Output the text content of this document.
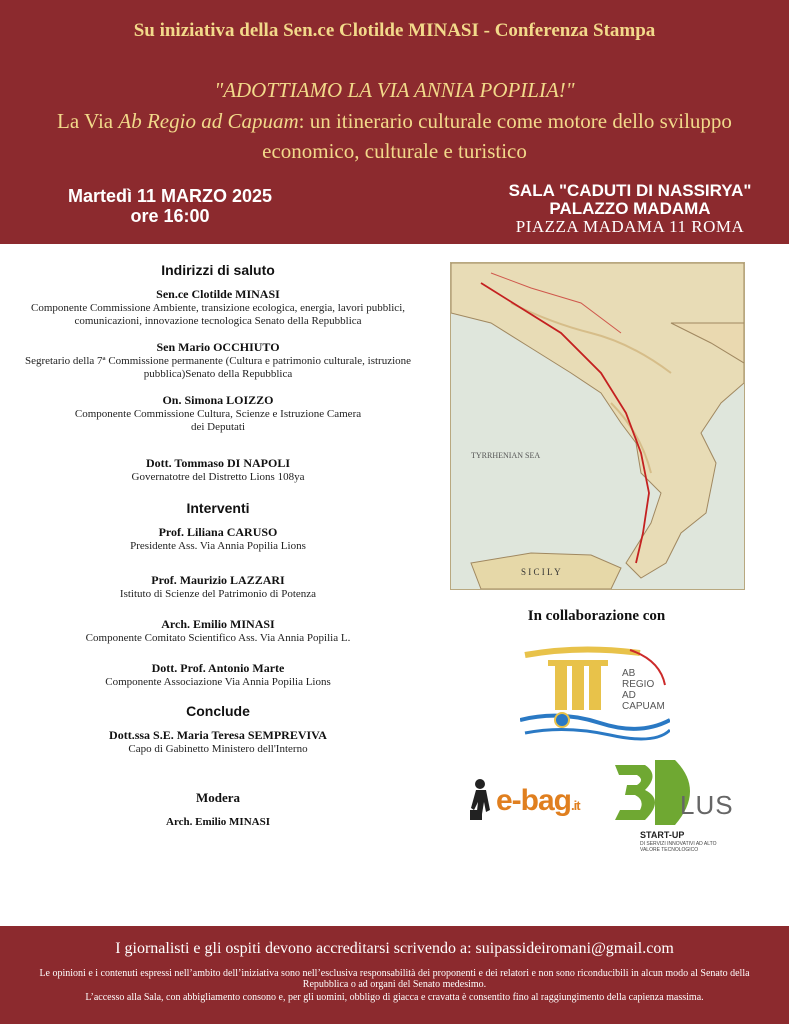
Su iniziativa della Sen.ce Clotilde MINASI - Conferenza Stampa
"ADOTTIAMO LA VIA ANNIA POPILIA!"
La Via Ab Regio ad Capuam: un itinerario culturale come motore dello sviluppo economico, culturale e turistico
Martedì 11 MARZO 2025
ore 16:00
SALA "CADUTI DI NASSIRYA"
PALAZZO MADAMA
PIAZZA MADAMA 11 ROMA
Indirizzi di saluto
Sen.ce Clotilde MINASI
Componente Commissione Ambiente, transizione ecologica, energia, lavori pubblici, comunicazioni, innovazione tecnologica Senato della Repubblica
Sen Mario OCCHIUTO
Segretario della 7ª Commissione permanente (Cultura e patrimonio culturale, istruzione pubblica)Senato della Repubblica
On. Simona LOIZZO
Componente Commissione Cultura, Scienze e Istruzione Camera dei Deputati
Dott. Tommaso DI NAPOLI
Governatotre del Distretto Lions 108ya
Interventi
Prof. Liliana CARUSO
Presidente Ass. Via Annia Popilia Lions
Prof. Maurizio LAZZARI
Istituto di Scienze del Patrimonio di Potenza
Arch. Emilio MINASI
Componente Comitato Scientifico Ass. Via Annia Popilia L.
Dott. Prof. Antonio Marte
Componente Associazione Via Annia Popilia Lions
Conclude
Dott.ssa S.E. Maria Teresa SEMPREVIVA
Capo di Gabinetto Ministero dell'Interno
Modera
Arch. Emilio MINASI
TYRRHENIAN SEA
S I C I L Y
In collaborazione con
AB
REGIO
AD
CAPUAM
e-bag.it	LUS
START-UP
DI SERVIZI INNOVATIVI AD ALTO VALORE TECNOLOGICO
I giornalisti e gli ospiti devono accreditarsi scrivendo a: suipassideiromani@gmail.com
Le opinioni e i contenuti espressi nell’ambito dell’iniziativa sono nell’esclusiva responsabilità dei proponenti e dei relatori e non sono riconducibili in alcun modo al Senato della Repubblica o ad organi del Senato medesimo.
L’accesso alla Sala, con abbigliamento consono e, per gli uomini, obbligo di giacca e cravatta è consentito fino al raggiungimento della capienza massima.
